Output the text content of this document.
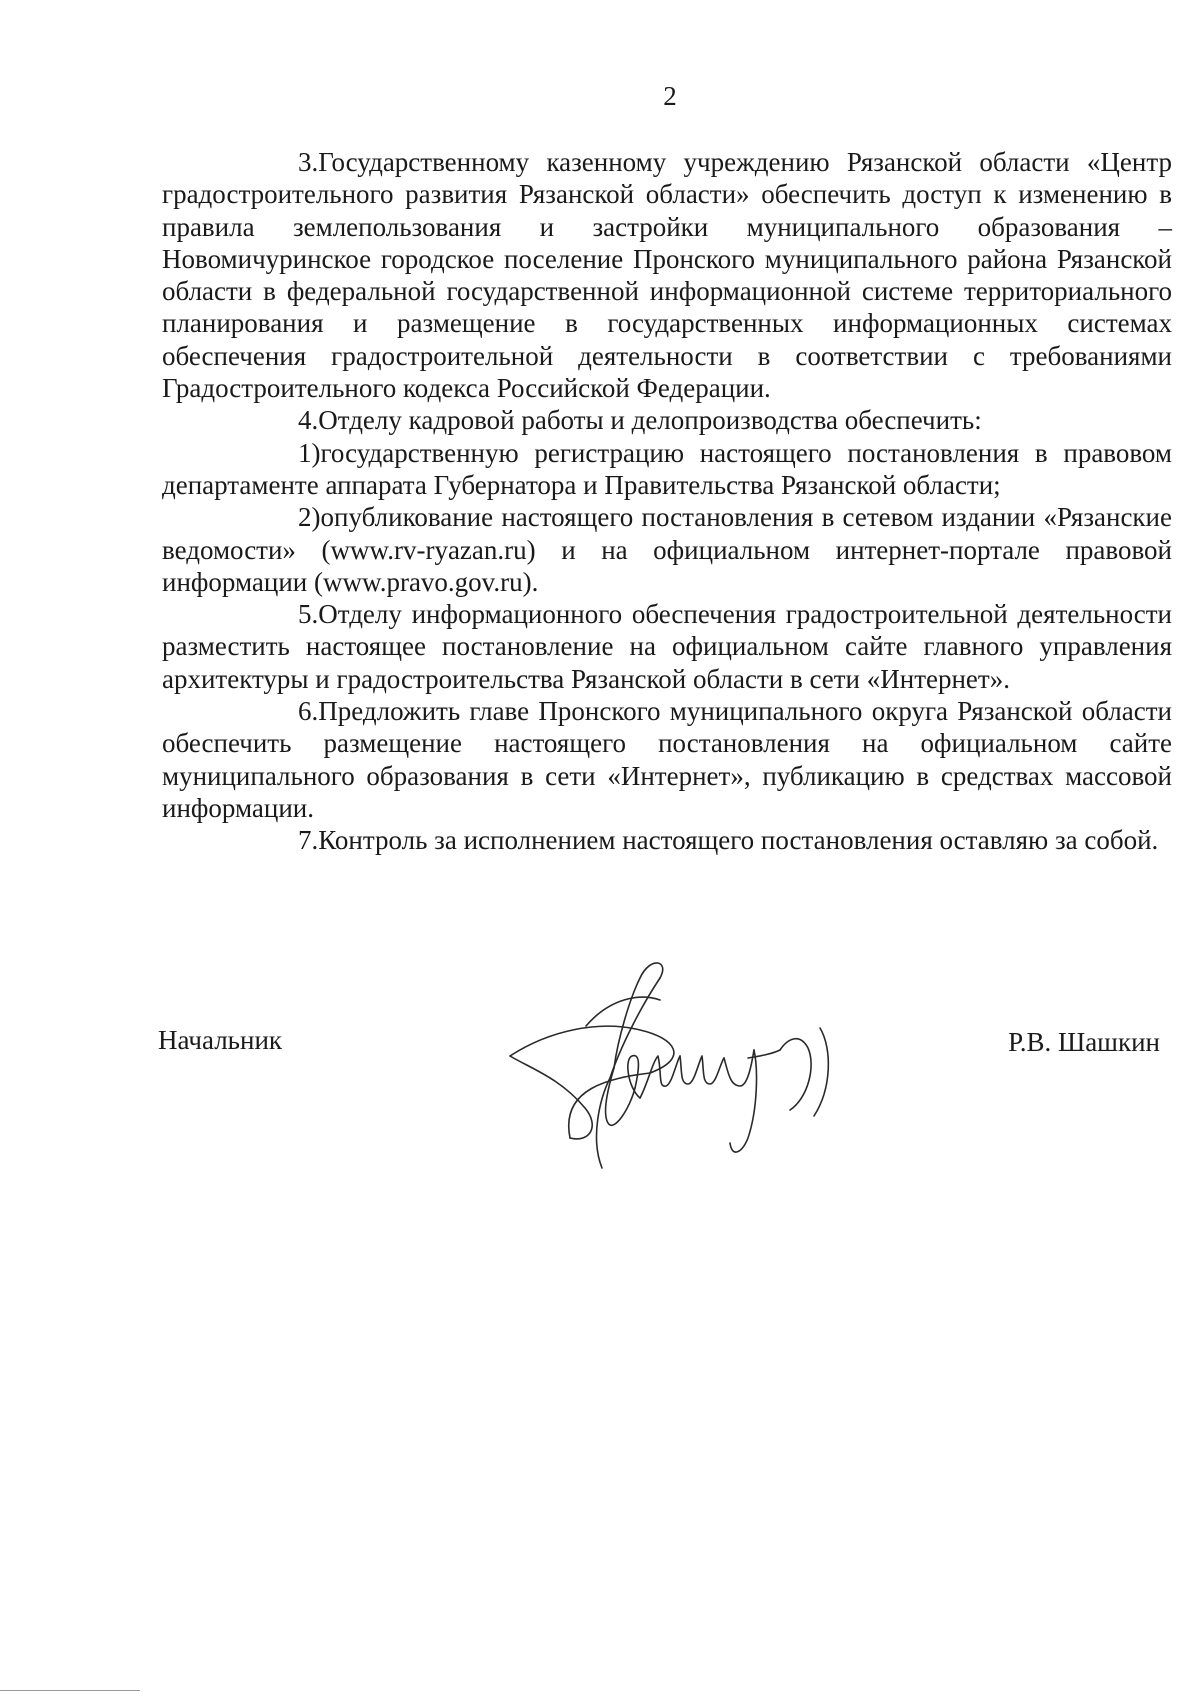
2

3.Государственному казенному учреждению Рязанской области «Центр градостроительного развития Рязанской области» обеспечить доступ к изменению в правила землепользования и застройки муниципального образования – Новомичуринское городское поселение Пронского муниципального района Рязанской области в федеральной государственной информационной системе территориального планирования и размещение в государственных информационных системах обеспечения градостроительной деятельности в соответствии с требованиями Градостроительного кодекса Российской Федерации.

4.Отделу кадровой работы и делопроизводства обеспечить:

1)государственную регистрацию настоящего постановления в правовом департаменте аппарата Губернатора и Правительства Рязанской области;

2)опубликование настоящего постановления в сетевом издании «Рязанские ведомости» (www.rv-ryazan.ru) и на официальном интернет-портале правовой информации (www.pravo.gov.ru).

5.Отделу информационного обеспечения градостроительной деятельности разместить настоящее постановление на официальном сайте главного управления архитектуры и градостроительства Рязанской области в сети «Интернет».

6.Предложить главе Пронского муниципального округа Рязанской области обеспечить размещение настоящего постановления на официальном сайте муниципального образования в сети «Интернет», публикацию в средствах массовой информации.

7.Контроль за исполнением настоящего постановления оставляю за собой.

Начальник	Р.В. Шашкин
